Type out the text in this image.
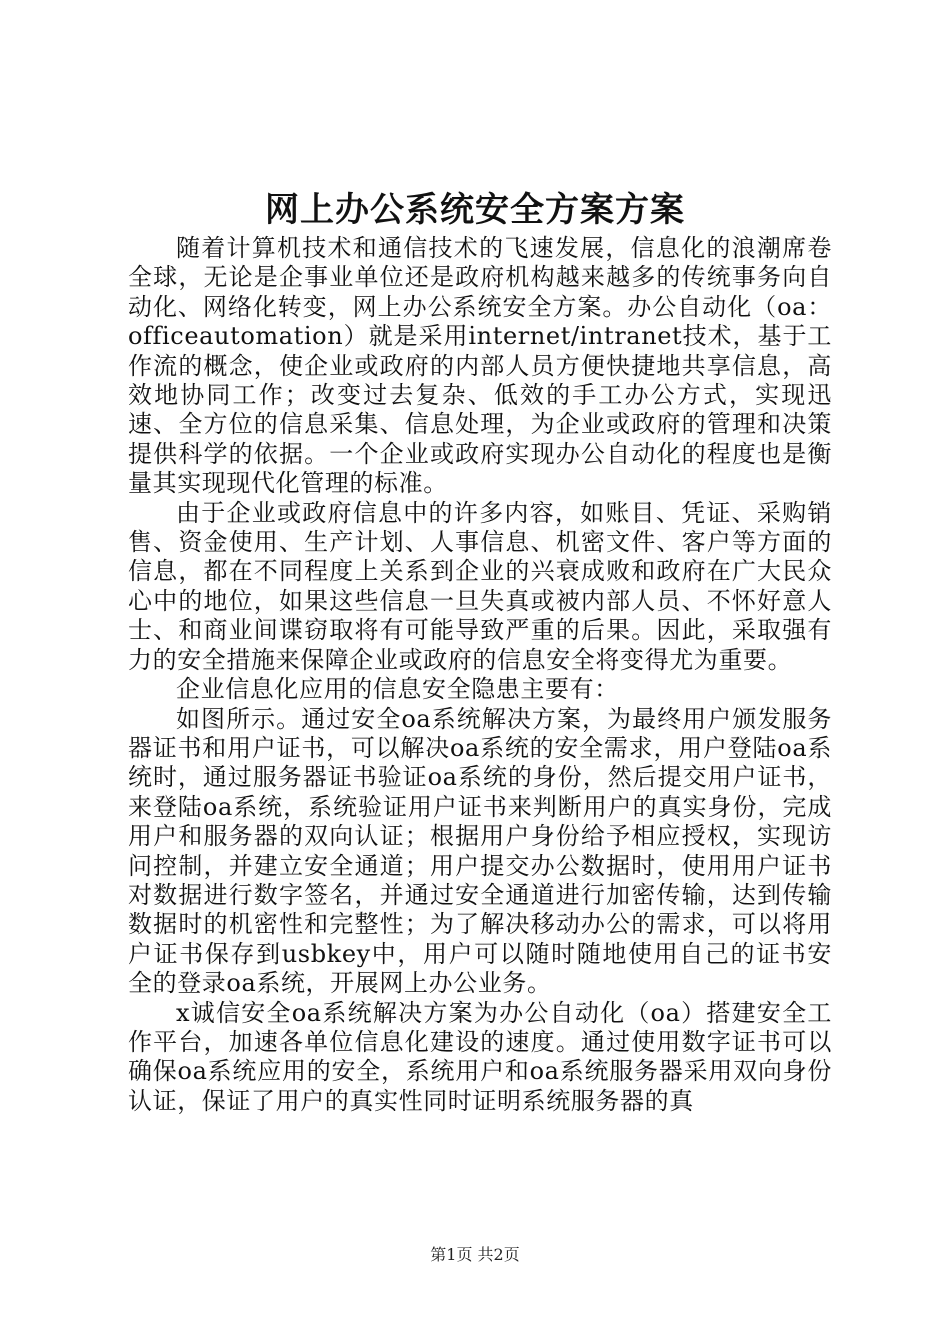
网上办公系统安全方案方案

随着计算机技术和通信技术的飞速发展，信息化的浪潮席卷全球，无论是企事业单位还是政府机构越来越多的传统事务向自动化、网络化转变，网上办公系统安全方案。办公自动化（oa：officeautomation）就是采用internet/intranet技术，基于工作流的概念，使企业或政府的内部人员方便快捷地共享信息，高效地协同工作；改变过去复杂、低效的手工办公方式，实现迅速、全方位的信息采集、信息处理，为企业或政府的管理和决策提供科学的依据。一个企业或政府实现办公自动化的程度也是衡量其实现现代化管理的标准。

由于企业或政府信息中的许多内容，如账目、凭证、采购销售、资金使用、生产计划、人事信息、机密文件、客户等方面的信息，都在不同程度上关系到企业的兴衰成败和政府在广大民众心中的地位，如果这些信息一旦失真或被内部人员、不怀好意人士、和商业间谍窃取将有可能导致严重的后果。因此，采取强有力的安全措施来保障企业或政府的信息安全将变得尤为重要。

企业信息化应用的信息安全隐患主要有：

如图所示。通过安全oa系统解决方案，为最终用户颁发服务器证书和用户证书，可以解决oa系统的安全需求，用户登陆oa系统时，通过服务器证书验证oa系统的身份，然后提交用户证书，来登陆oa系统，系统验证用户证书来判断用户的真实身份，完成用户和服务器的双向认证；根据用户身份给予相应授权，实现访问控制，并建立安全通道；用户提交办公数据时，使用用户证书对数据进行数字签名，并通过安全通道进行加密传输，达到传输数据时的机密性和完整性；为了解决移动办公的需求，可以将用户证书保存到usbkey中，用户可以随时随地使用自己的证书安全的登录oa系统，开展网上办公业务。

x诚信安全oa系统解决方案为办公自动化（oa）搭建安全工作平台，加速各单位信息化建设的速度。通过使用数字证书可以确保oa系统应用的安全，系统用户和oa系统服务器采用双向身份认证，保证了用户的真实性同时证明系统服务器的真

第1页 共2页
